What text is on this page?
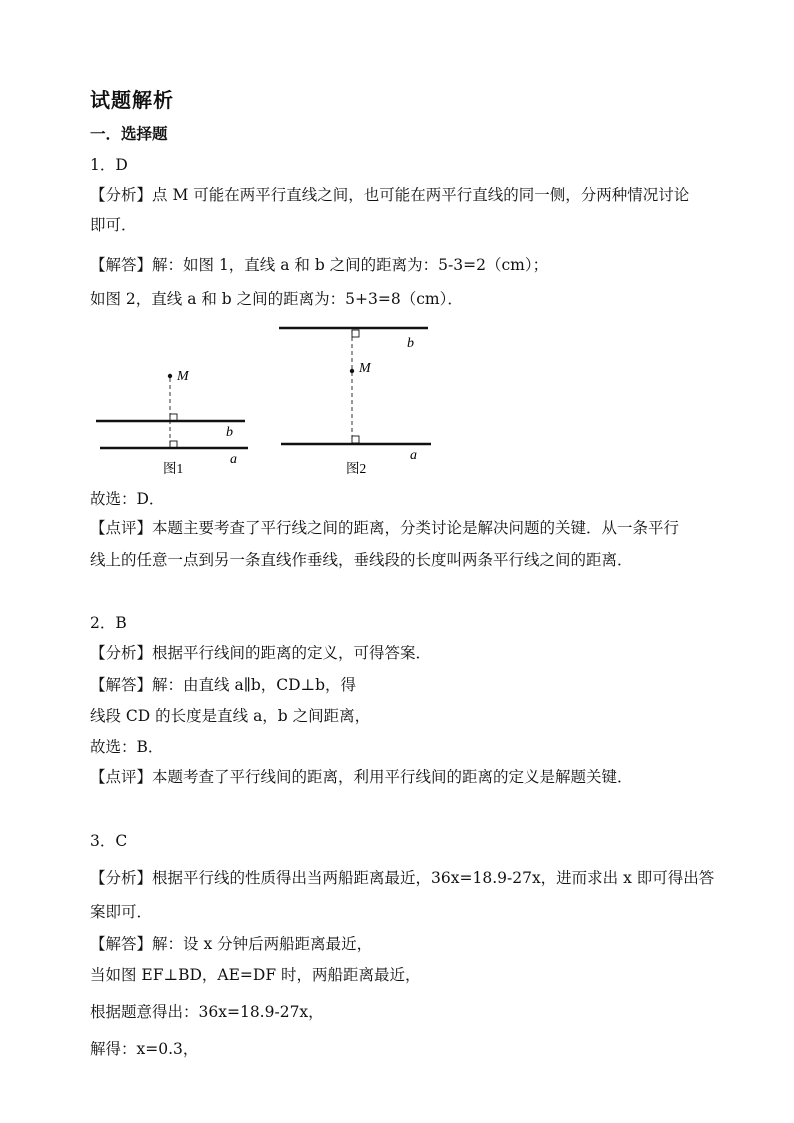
试题解析
一．选择题
1．D
【分析】点 M 可能在两平行直线之间，也可能在两平行直线的同一侧，分两种情况讨论
即可．
【解答】解：如图 1，直线 a 和 b 之间的距离为：5-3=2（cm）；
如图 2，直线 a 和 b 之间的距离为：5+3=8（cm）．
M
b
a
图1
M
b
a
图2
故选：D．
【点评】本题主要考查了平行线之间的距离，分类讨论是解决问题的关键．从一条平行
线上的任意一点到另一条直线作垂线，垂线段的长度叫两条平行线之间的距离．
2．B
【分析】根据平行线间的距离的定义，可得答案．
【解答】解：由直线 a∥b，CD⊥b，得
线段 CD 的长度是直线 a，b 之间距离，
故选：B．
【点评】本题考查了平行线间的距离，利用平行线间的距离的定义是解题关键．
3．C
【分析】根据平行线的性质得出当两船距离最近，36x=18.9-27x，进而求出 x 即可得出答
案即可．
【解答】解：设 x 分钟后两船距离最近，
当如图 EF⊥BD，AE=DF 时，两船距离最近，
根据题意得出：36x=18.9-27x，
解得：x=0.3，
